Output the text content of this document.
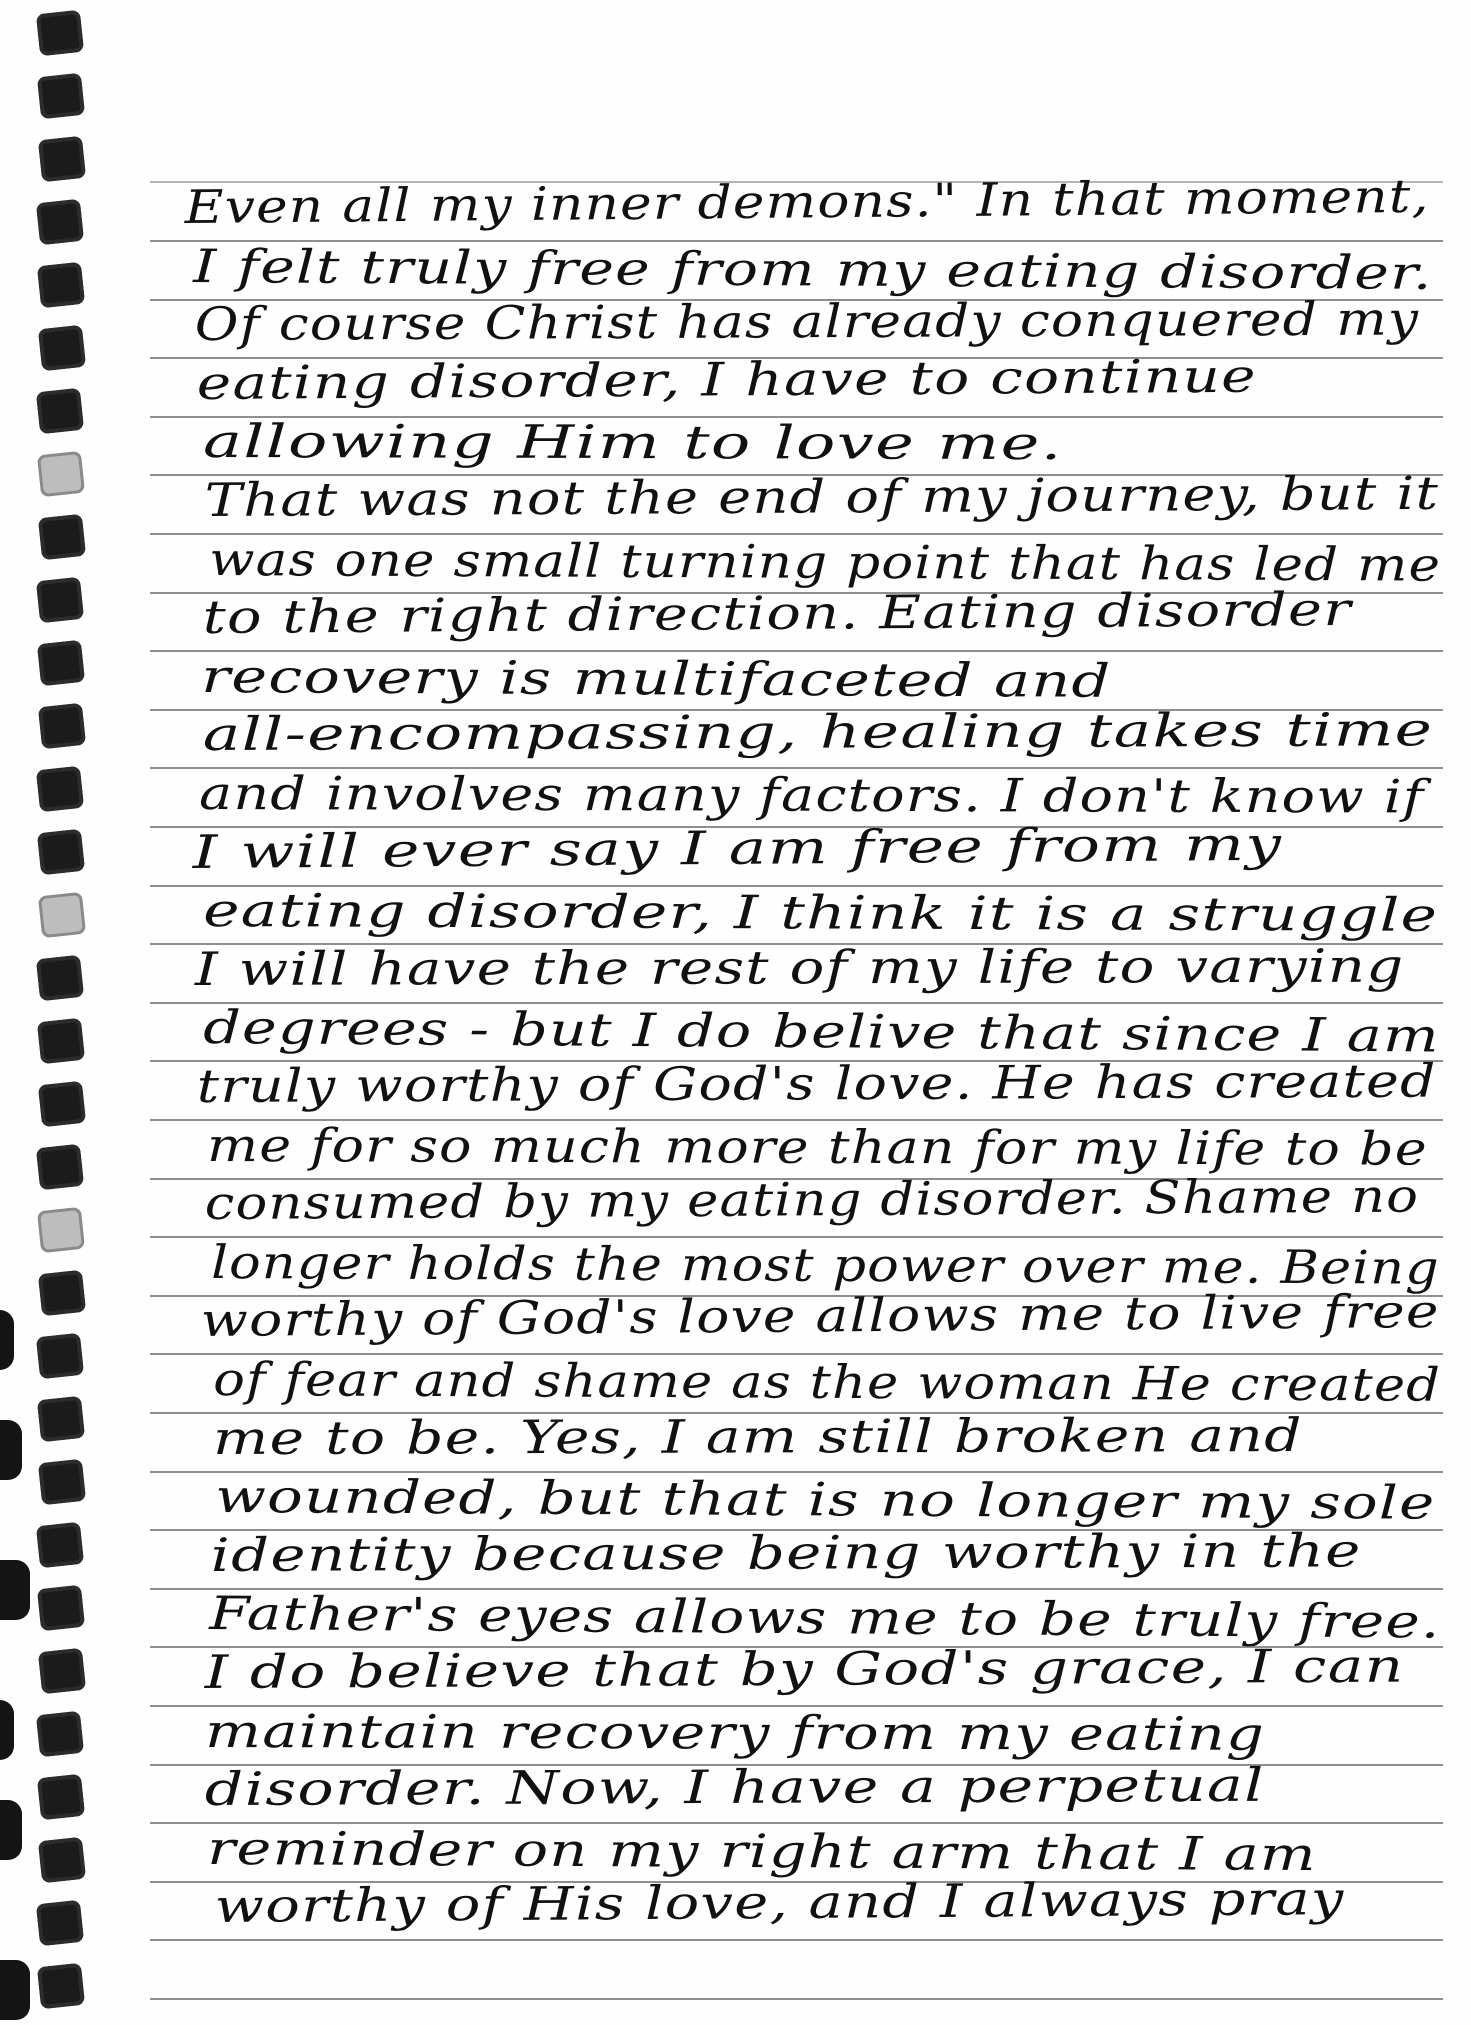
Even all my inner demons." In that moment,
I felt truly free from my eating disorder.
Of course Christ has already conquered my
eating disorder, I have to continue
allowing Him to love me.
That was not the end of my journey, but it
was one small turning point that has led me
to the right direction. Eating disorder
recovery is multifaceted and
all-encompassing, healing takes time
and involves many factors. I don't know if
I will ever say I am free from my
eating disorder, I think it is a struggle
I will have the rest of my life to varying
degrees - but I do belive that since I am
truly worthy of God's love. He has created
me for so much more than for my life to be
consumed by my eating disorder. Shame no
longer holds the most power over me. Being
worthy of God's love allows me to live free
of fear and shame as the woman He created
me to be. Yes, I am still broken and
wounded, but that is no longer my sole
identity because being worthy in the
Father's eyes allows me to be truly free.
I do believe that by God's grace, I can
maintain recovery from my eating
disorder. Now, I have a perpetual
reminder on my right arm that I am
worthy of His love, and I always pray
